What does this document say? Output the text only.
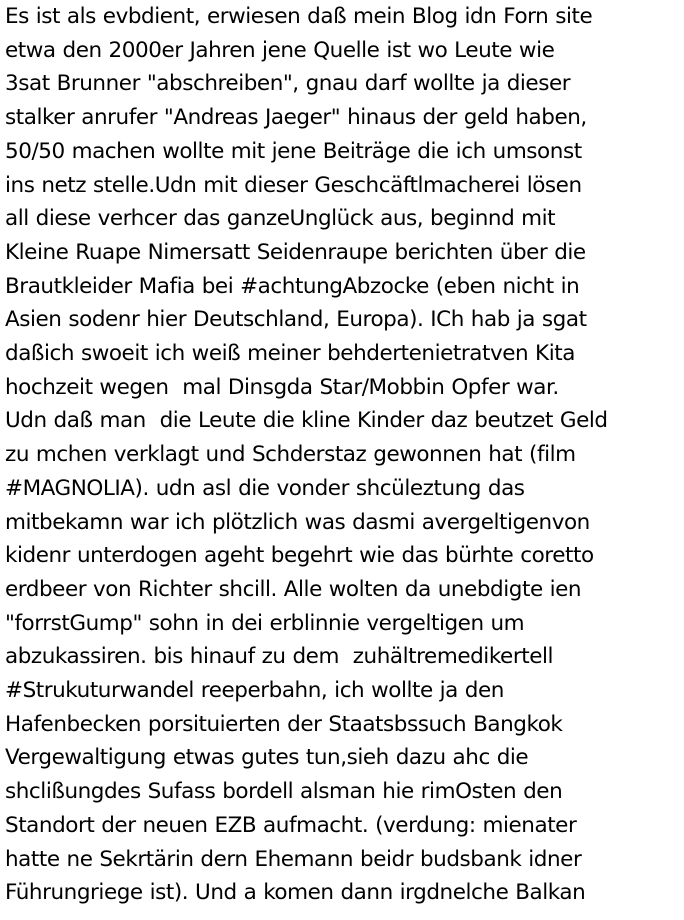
Es ist als evbdient, erwiesen daß mein Blog idn Forn site
etwa den 2000er Jahren jene Quelle ist wo Leute wie
3sat Brunner "abschreiben", gnau darf wollte ja dieser
stalker anrufer "Andreas Jaeger" hinaus der geld haben,
50/50 machen wollte mit jene Beiträge die ich umsonst
ins netz stelle.Udn mit dieser Geschcäftlmacherei lösen
all diese verhcer das ganzeUnglück aus, beginnd mit
Kleine Ruape Nimersatt Seidenraupe berichten über die
Brautkleider Mafia bei #achtungAbzocke (eben nicht in
Asien sodenr hier Deutschland, Europa). ICh hab ja sgat
daßich swoeit ich weiß meiner behdertenietratven Kita
hochzeit wegen  mal Dinsgda Star/Mobbin Opfer war.
Udn daß man  die Leute die kline Kinder daz beutzet Geld
zu mchen verklagt und Schderstaz gewonnen hat (film
#MAGNOLIA). udn asl die vonder shcüleztung das
mitbekamn war ich plötzlich was dasmi avergeltigenvon
kidenr unterdogen ageht begehrt wie das bürhte coretto
erdbeer von Richter shcill. Alle wolten da unebdigte ien
"forrstGump" sohn in dei erblinnie vergeltigen um
abzukassiren. bis hinauf zu dem  zuhältremedikertell
#Strukuturwandel reeperbahn, ich wollte ja den
Hafenbecken porsituierten der Staatsbssuch Bangkok
Vergewaltigung etwas gutes tun,sieh dazu ahc die
shclißungdes Sufass bordell alsman hie rimOsten den
Standort der neuen EZB aufmacht. (verdung: mienater
hatte ne Sekrtärin dern Ehemann beidr budsbank idner
Führungriege ist). Und a komen dann irgdnelche Balkan
